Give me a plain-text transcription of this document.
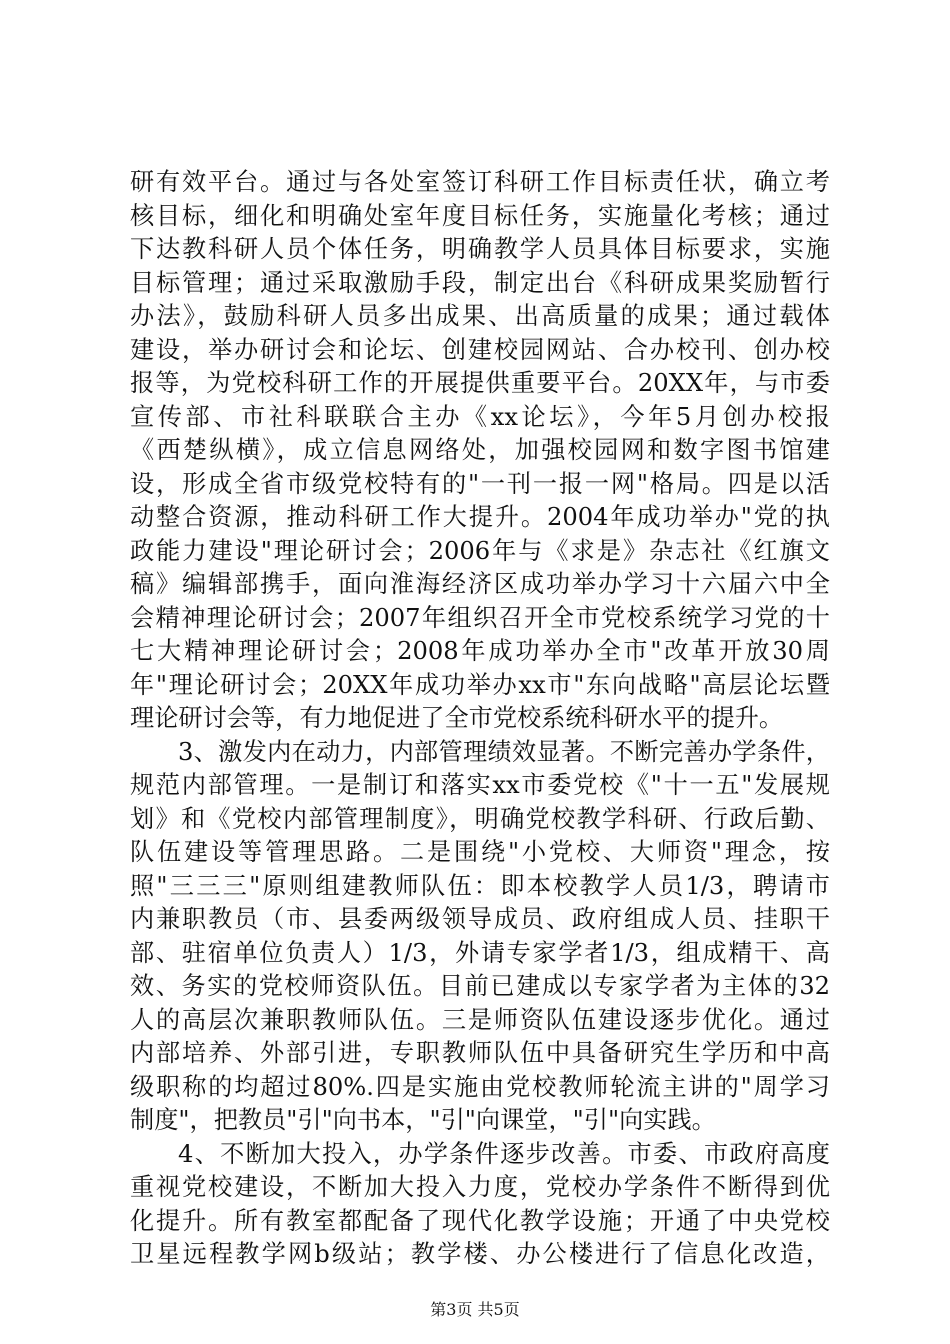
研有效平台。通过与各处室签订科研工作目标责任状，确立考
核目标，细化和明确处室年度目标任务，实施量化考核；通过
下达教科研人员个体任务，明确教学人员具体目标要求，实施
目标管理；通过采取激励手段，制定出台《科研成果奖励暂行
办法》，鼓励科研人员多出成果、出高质量的成果；通过载体
建设，举办研讨会和论坛、创建校园网站、合办校刊、创办校
报等，为党校科研工作的开展提供重要平台。20XX年，与市委
宣传部、市社科联联合主办《xx论坛》，今年5月创办校报
《西楚纵横》，成立信息网络处，加强校园网和数字图书馆建
设，形成全省市级党校特有的"一刊一报一网"格局。四是以活
动整合资源，推动科研工作大提升。2004年成功举办"党的执
政能力建设"理论研讨会；2006年与《求是》杂志社《红旗文
稿》编辑部携手，面向淮海经济区成功举办学习十六届六中全
会精神理论研讨会；2007年组织召开全市党校系统学习党的十
七大精神理论研讨会；2008年成功举办全市"改革开放30周
年"理论研讨会；20XX年成功举办xx市"东向战略"高层论坛暨
理论研讨会等，有力地促进了全市党校系统科研水平的提升。
3、激发内在动力，内部管理绩效显著。不断完善办学条件，
规范内部管理。一是制订和落实xx市委党校《"十一五"发展规
划》和《党校内部管理制度》，明确党校教学科研、行政后勤、
队伍建设等管理思路。二是围绕"小党校、大师资"理念，按
照"三三三"原则组建教师队伍：即本校教学人员1/3，聘请市
内兼职教员（市、县委两级领导成员、政府组成人员、挂职干
部、驻宿单位负责人）1/3，外请专家学者1/3，组成精干、高
效、务实的党校师资队伍。目前已建成以专家学者为主体的32
人的高层次兼职教师队伍。三是师资队伍建设逐步优化。通过
内部培养、外部引进，专职教师队伍中具备研究生学历和中高
级职称的均超过80%.四是实施由党校教师轮流主讲的"周学习
制度"，把教员"引"向书本，"引"向课堂，"引"向实践。
4、不断加大投入，办学条件逐步改善。市委、市政府高度
重视党校建设，不断加大投入力度，党校办学条件不断得到优
化提升。所有教室都配备了现代化教学设施；开通了中央党校
卫星远程教学网b级站；教学楼、办公楼进行了信息化改造，
第3页 共5页
